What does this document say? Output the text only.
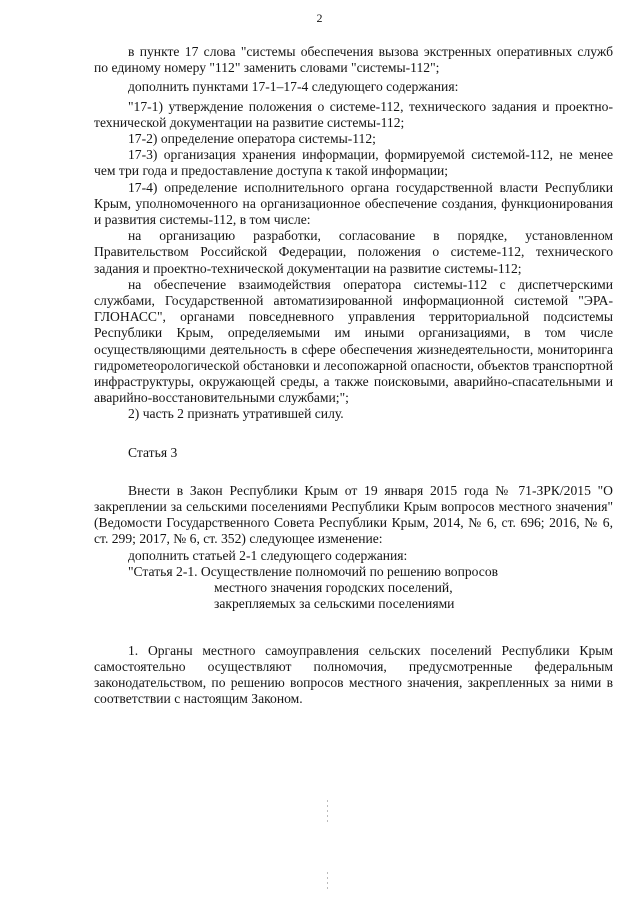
2

в пункте 17 слова "системы обеспечения вызова экстренных оперативных служб по единому номеру "112" заменить словами "системы-112";

дополнить пунктами 17-1–17-4 следующего содержания:

"17-1) утверждение положения о системе-112, технического задания и проектно-технической документации на развитие системы-112;

17-2) определение оператора системы-112;

17-3) организация хранения информации, формируемой системой-112, не менее чем три года и предоставление доступа к такой информации;

17-4) определение исполнительного органа государственной власти Республики Крым, уполномоченного на организационное обеспечение создания, функционирования и развития системы-112, в том числе:

на организацию разработки, согласование в порядке, установленном Правительством Российской Федерации, положения о системе-112, технического задания и проектно-технической документации на развитие системы-112;

на обеспечение взаимодействия оператора системы-112 с диспетчерскими службами, Государственной автоматизированной информационной системой "ЭРА-ГЛОНАСС", органами повседневного управления территориальной подсистемы Республики Крым, определяемыми им иными организациями, в том числе осуществляющими деятельность в сфере обеспечения жизнедеятельности, мониторинга гидрометеорологической обстановки и лесопожарной опасности, объектов транспортной инфраструктуры, окружающей среды, а также поисковыми, аварийно-спасательными и аварийно-восстановительными службами;";

2) часть 2 признать утратившей силу.

Статья 3

Внести в Закон Республики Крым от 19 января 2015 года № 71-ЗРК/2015 "О закреплении за сельскими поселениями Республики Крым вопросов местного значения" (Ведомости Государственного Совета Республики Крым, 2014, № 6, ст. 696; 2016, № 6, ст. 299; 2017, № 6, ст. 352) следующее изменение:

дополнить статьей 2-1 следующего содержания:

"Статья 2-1. Осуществление полномочий по решению вопросов

местного значения городских поселений,

закрепляемых за сельскими поселениями

1. Органы местного самоуправления сельских поселений Республики Крым самостоятельно осуществляют полномочия, предусмотренные федеральным законодательством, по решению вопросов местного значения, закрепленных за ними в соответствии с настоящим Законом.
